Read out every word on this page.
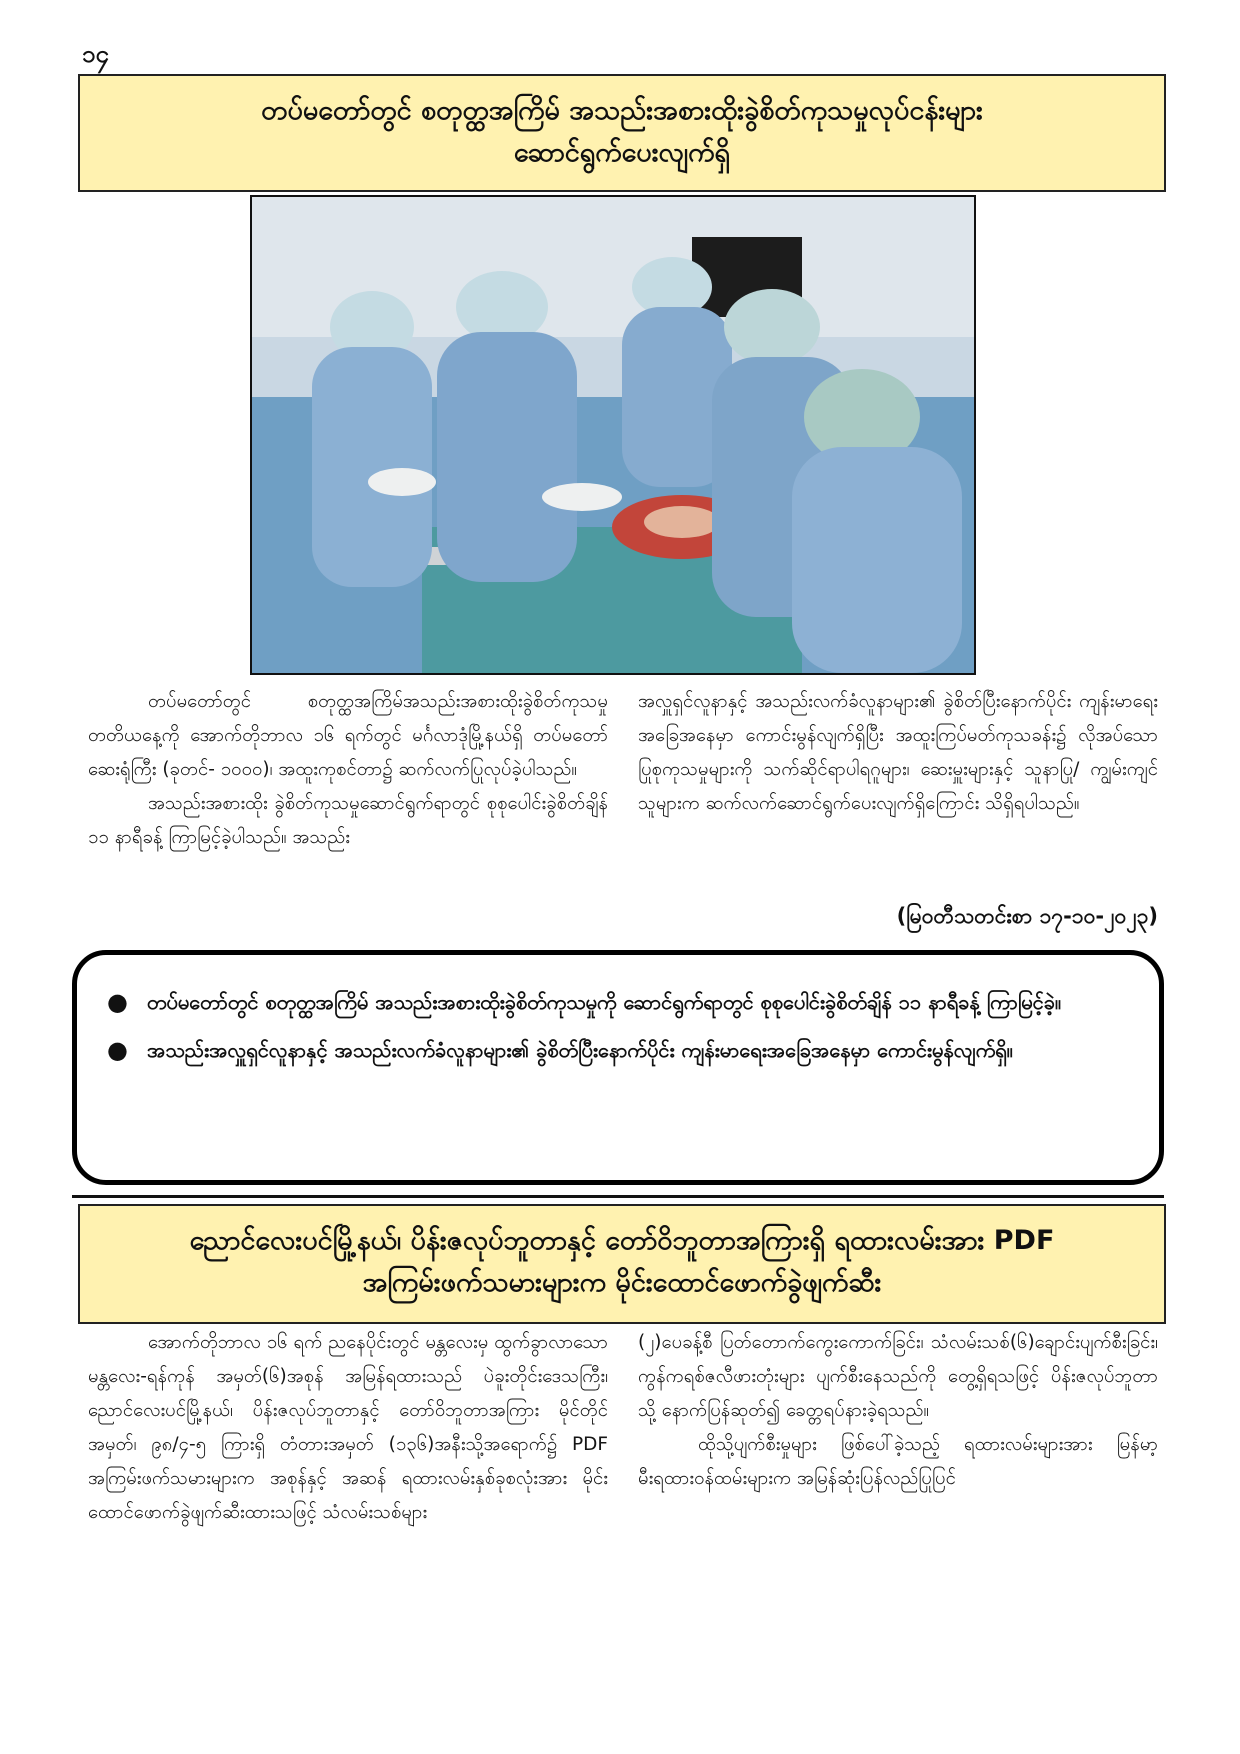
၁၄
တပ်မတော်တွင် စတုတ္ထအကြိမ် အသည်းအစားထိုးခွဲစိတ်ကုသမှုလုပ်ငန်းများ
ဆောင်ရွက်ပေးလျက်ရှိ

တပ်မတော်တွင် စတုတ္ထအကြိမ်အသည်းအစားထိုးခွဲစိတ်ကုသမှု တတိယနေ့ကို အောက်တိုဘာလ ၁၆ ရက်တွင် မင်္ဂလာဒုံမြို့နယ်ရှိ တပ်မတော်ဆေးရုံကြီး (ခုတင်- ၁၀၀၀)၊ အထူးကုစင်တာ၌ ဆက်လက်ပြုလုပ်ခဲ့ပါသည်။

အသည်းအစားထိုး ခွဲစိတ်ကုသမှုဆောင်ရွက်ရာတွင် စုစုပေါင်းခွဲစိတ်ချိန် ၁၁ နာရီခန့် ကြာမြင့်ခဲ့ပါသည်။ အသည်း

အလှူရှင်လူနာနှင့် အသည်းလက်ခံလူနာများ၏ ခွဲစိတ်ပြီးနောက်ပိုင်း ကျန်းမာရေးအခြေအနေမှာ ကောင်းမွန်လျက်ရှိပြီး အထူးကြပ်မတ်ကုသခန်း၌ လိုအပ်သော ပြုစုကုသမှုများကို သက်ဆိုင်ရာပါရဂူများ၊ ဆေးမှူးများနှင့် သူနာပြု/ ကျွမ်းကျင်သူများက ဆက်လက်ဆောင်ရွက်ပေးလျက်ရှိကြောင်း သိရှိရပါသည်။

(မြဝတီသတင်းစာ ၁၇-၁၀-၂၀၂၃)
● တပ်မတော်တွင် စတုတ္ထအကြိမ် အသည်းအစားထိုးခွဲစိတ်ကုသမှုကို ဆောင်ရွက်ရာတွင် စုစုပေါင်းခွဲစိတ်ချိန် ၁၁ နာရီခန့် ကြာမြင့်ခဲ့။
● အသည်းအလှူရှင်လူနာနှင့် အသည်းလက်ခံလူနာများ၏ ခွဲစိတ်ပြီးနောက်ပိုင်း ကျန်းမာရေးအခြေအနေမှာ ကောင်းမွန်လျက်ရှိ။
ညောင်လေးပင်မြို့နယ်၊ ပိန်းဇလုပ်ဘူတာနှင့် တော်ဝိဘူတာအကြားရှိ ရထားလမ်းအား PDF
အကြမ်းဖက်သမားများက မိုင်းထောင်ဖောက်ခွဲဖျက်ဆီး

အောက်တိုဘာလ ၁၆ ရက် ညနေပိုင်းတွင် မန္တလေးမှ ထွက်ခွာလာသော မန္တလေး-ရန်ကုန် အမှတ်(၆)အစုန် အမြန်ရထားသည် ပဲခူးတိုင်းဒေသကြီး၊ ညောင်လေးပင်မြို့နယ်၊ ပိန်းဇလုပ်ဘူတာနှင့် တော်ဝိဘူတာအကြား မိုင်တိုင်အမှတ်၊ ၉၈/၄-၅ ကြားရှိ တံတားအမှတ် (၁၃၆)အနီးသို့အရောက်၌ PDF အကြမ်းဖက်သမားများက အစုန်နှင့် အဆန် ရထားလမ်းနှစ်ခုစလုံးအား မိုင်းထောင်ဖောက်ခွဲဖျက်ဆီးထားသဖြင့် သံလမ်းသစ်များ

(၂)ပေခန့်စီ ပြတ်တောက်ကွေးကောက်ခြင်း၊ သံလမ်းသစ်(၆)ချောင်းပျက်စီးခြင်း၊ ကွန်ကရစ်ဇလီဖားတုံးများ ပျက်စီးနေသည်ကို တွေ့ရှိရသဖြင့် ပိန်းဇလုပ်ဘူတာသို့ နောက်ပြန်ဆုတ်၍ ခေတ္တရပ်နားခဲ့ရသည်။

ထိုသို့ပျက်စီးမှုများ ဖြစ်ပေါ်ခဲ့သည့် ရထားလမ်းများအား မြန်မာ့မီးရထားဝန်ထမ်းများက အမြန်ဆုံးပြန်လည်ပြုပြင်
